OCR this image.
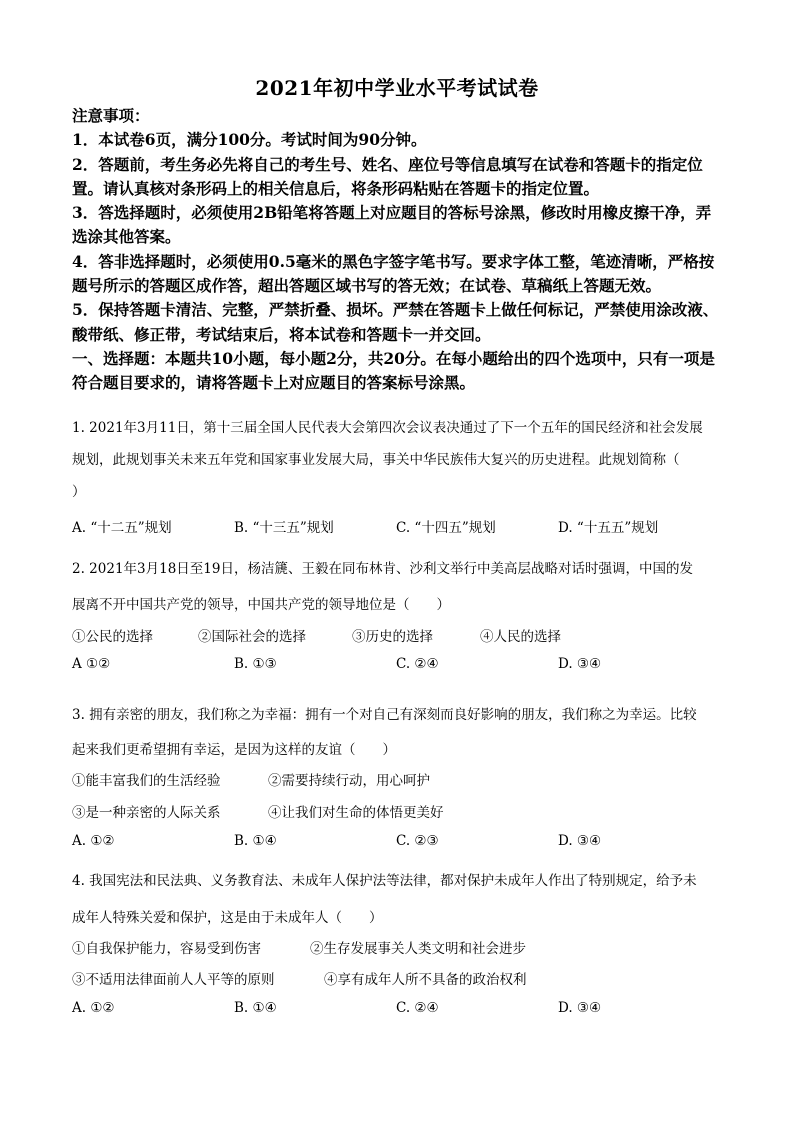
2021年初中学业水平考试试卷

注意事项：

1．本试卷6页，满分100分。考试时间为90分钟。

2．答题前，考生务必先将自己的考生号、姓名、座位号等信息填写在试卷和答题卡的指定位置。请认真核对条形码上的相关信息后，将条形码粘贴在答题卡的指定位置。

3．答选择题时，必须使用2B铅笔将答题上对应题目的答标号涂黑，修改时用橡皮擦干净，弄选涂其他答案。

4．答非选择题时，必须使用0.5毫米的黑色字签字笔书写。要求字体工整，笔迹清晰，严格按题号所示的答题区成作答，超出答题区域书写的答无效；在试卷、草稿纸上答题无效。

5．保持答题卡清洁、完整，严禁折叠、损坏。严禁在答题卡上做任何标记，严禁使用涂改液、酸带纸、修正带，考试结束后，将本试卷和答题卡一并交回。

一、选择题：本题共10小题，每小题2分，共20分。在每小题给出的四个选项中，只有一项是符合题目要求的，请将答题卡上对应题目的答案标号涂黑。

1. 2021年3月11日，第十三届全国人民代表大会第四次会议表决通过了下一个五年的国民经济和社会发展
规划，此规划事关未来五年党和国家事业发展大局，事关中华民族伟大复兴的历史进程。此规划简称（
）
A. “十二五”规划	B. “十三五”规划	C. “十四五”规划	D. “十五五”规划
2. 2021年3月18日至19日，杨洁篪、王毅在同布林肯、沙利文举行中美高层战略对话时强调，中国的发
展离不开中国共产党的领导，中国共产党的领导地位是（　　）
①公民的选择	②国际社会的选择	③历史的选择	④人民的选择
A ①②	B. ①③	C. ②④	D. ③④
3. 拥有亲密的朋友，我们称之为幸福：拥有一个对自己有深刻而良好影响的朋友，我们称之为幸运。比较
起来我们更希望拥有幸运，是因为这样的友谊（　　）
①能丰富我们的生活经验	②需要持续行动，用心呵护
③是一种亲密的人际关系	④让我们对生命的体悟更美好
A. ①②	B. ①④	C. ②③	D. ③④
4. 我国宪法和民法典、义务教育法、未成年人保护法等法律，都对保护未成年人作出了特别规定，给予未
成年人特殊关爱和保护，这是由于未成年人（　　）
①自我保护能力，容易受到伤害	②生存发展事关人类文明和社会进步
③不适用法律面前人人平等的原则	④享有成年人所不具备的政治权利
A. ①②	B. ①④	C. ②④	D. ③④
